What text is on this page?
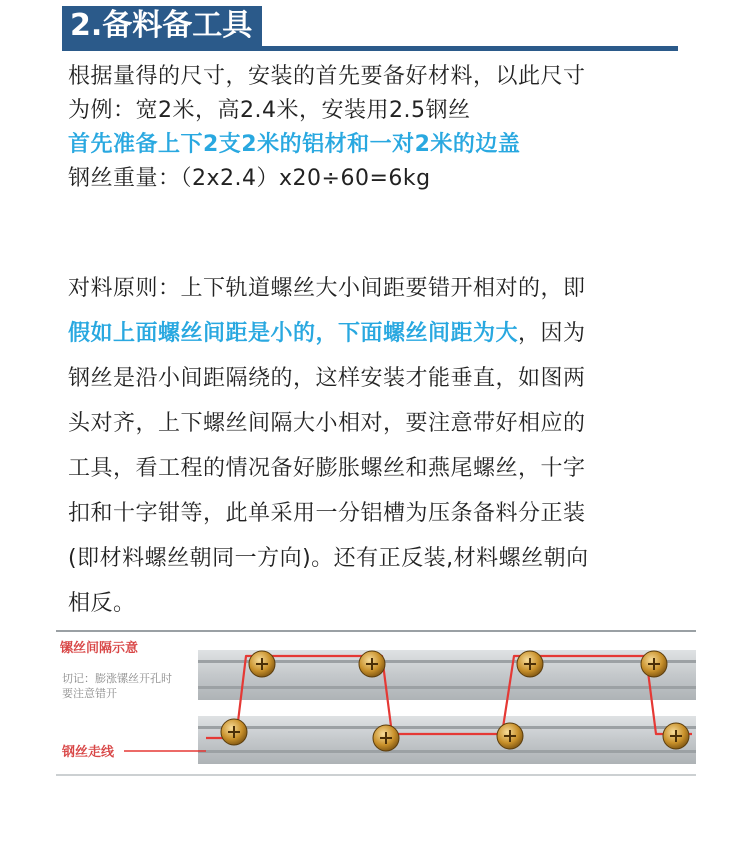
2.备料备工具
根据量得的尺寸，安装的首先要备好材料，以此尺寸
为例：宽2米，高2.4米，安装用2.5钢丝
首先准备上下2支2米的铝材和一对2米的边盖
钢丝重量：（2x2.4）x20÷60=6kg
对料原则：上下轨道螺丝大小间距要错开相对的，即
假如上面螺丝间距是小的，下面螺丝间距为大，因为
钢丝是沿小间距隔绕的，这样安装才能垂直，如图两
头对齐，上下螺丝间隔大小相对，要注意带好相应的
工具，看工程的情况备好膨胀螺丝和燕尾螺丝，十字
扣和十字钳等，此单采用一分铝槽为压条备料分正装
(即材料螺丝朝同一方向)。还有正反装,材料螺丝朝向
相反。
镙丝间隔示意
切记：膨涨镙丝开孔时
要注意错开
钢丝走线
